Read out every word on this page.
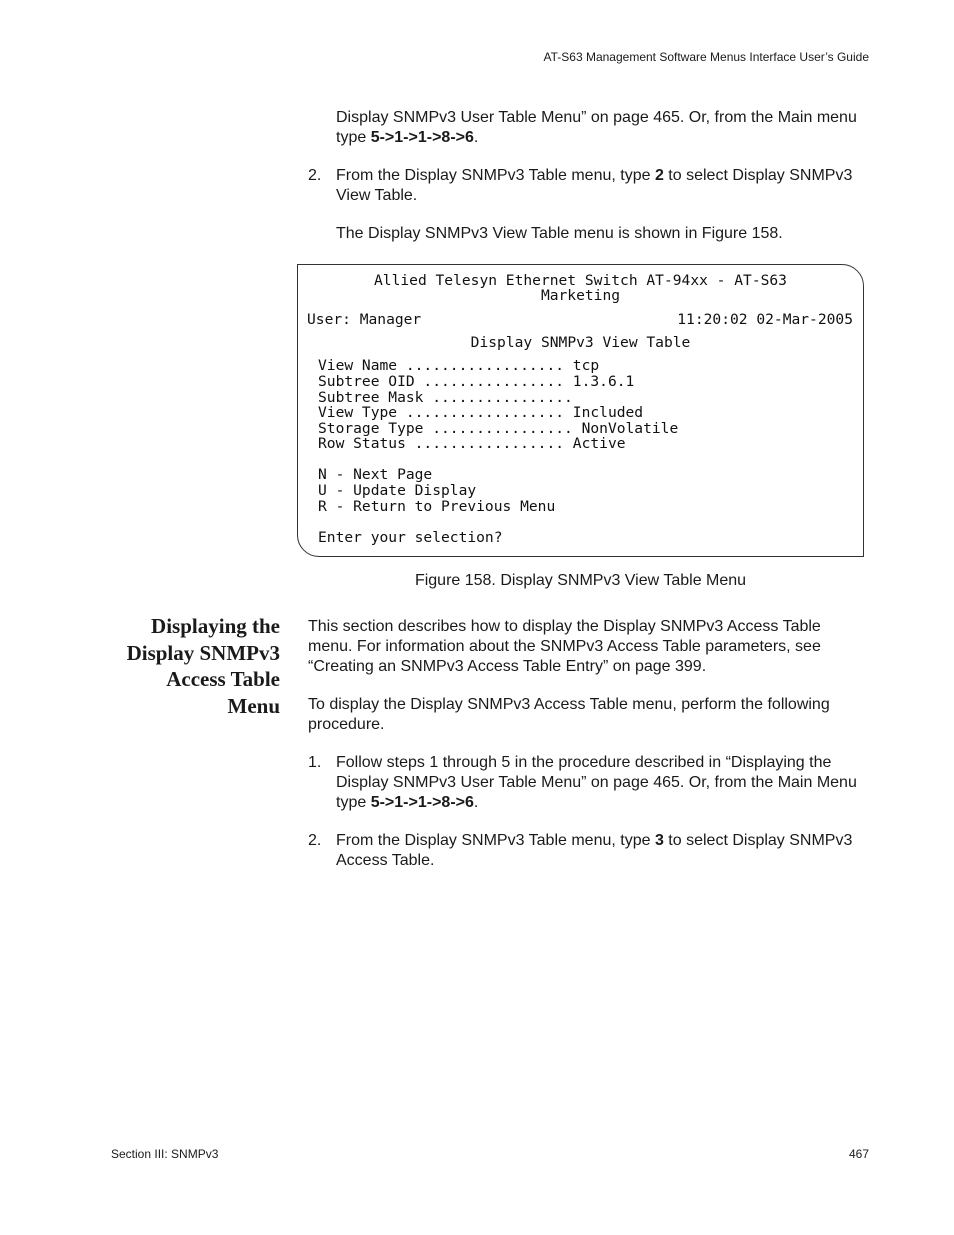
AT-S63 Management Software Menus Interface User’s Guide
Display SNMPv3 User Table Menu” on page 465. Or, from the Main menu type 5->1->1->8->6.
2. From the Display SNMPv3 Table menu, type 2 to select Display SNMPv3 View Table.
The Display SNMPv3 View Table menu is shown in Figure 158.
Allied Telesyn Ethernet Switch AT-94xx - AT-S63
Marketing
User: Manager	11:20:02 02-Mar-2005
Display SNMPv3 View Table
View Name .................. tcp
Subtree OID ................ 1.3.6.1
Subtree Mask ................
View Type .................. Included
Storage Type ................ NonVolatile
Row Status ................. Active
N - Next Page
U - Update Display
R - Return to Previous Menu
Enter your selection?
Figure 158. Display SNMPv3 View Table Menu
Displaying the
Display SNMPv3
Access Table
Menu
This section describes how to display the Display SNMPv3 Access Table menu. For information about the SNMPv3 Access Table parameters, see “Creating an SNMPv3 Access Table Entry” on page 399.
To display the Display SNMPv3 Access Table menu, perform the following procedure.
1. Follow steps 1 through 5 in the procedure described in “Displaying the Display SNMPv3 User Table Menu” on page 465. Or, from the Main Menu type 5->1->1->8->6.
2. From the Display SNMPv3 Table menu, type 3 to select Display SNMPv3 Access Table.
Section III: SNMPv3	467
